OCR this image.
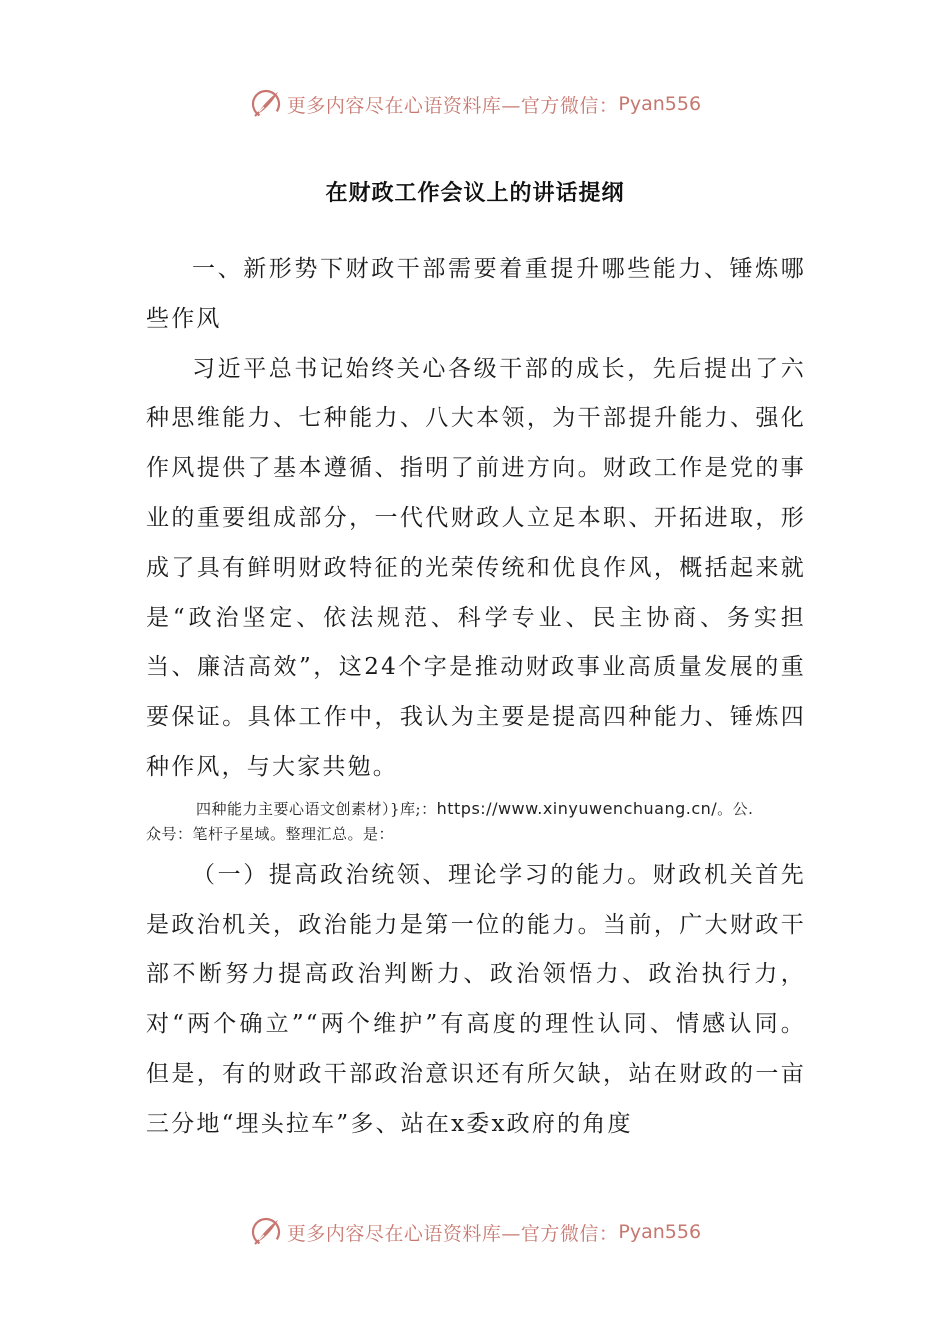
更多内容尽在心语资料库—官方微信： Pyan556
在财政工作会议上的讲话提纲

一、新形势下财政干部需要着重提升哪些能力、锤炼哪些作风

习近平总书记始终关心各级干部的成长，先后提出了六种思维能力、七种能力、八大本领，为干部提升能力、强化作风提供了基本遵循、指明了前进方向。财政工作是党的事业的重要组成部分，一代代财政人立足本职、开拓进取，形成了具有鲜明财政特征的光荣传统和优良作风，概括起来就是“政治坚定、依法规范、科学专业、民主协商、务实担当、廉洁高效”，这24个字是推动财政事业高质量发展的重要保证。具体工作中，我认为主要是提高四种能力、锤炼四种作风，与大家共勉。

四种能力主要心语文创素材）}库;：https://www.xinyuwenchuang.cn/。公.

众号：笔杆子星域。整理汇总。是：

（一）提高政治统领、理论学习的能力。财政机关首先是政治机关，政治能力是第一位的能力。当前，广大财政干部不断努力提高政治判断力、政治领悟力、政治执行力，对“两个确立”“两个维护”有高度的理性认同、情感认同。但是，有的财政干部政治意识还有所欠缺，站在财政的一亩三分地“埋头拉车”多、站在x委x政府的角度

更多内容尽在心语资料库—官方微信： Pyan556
